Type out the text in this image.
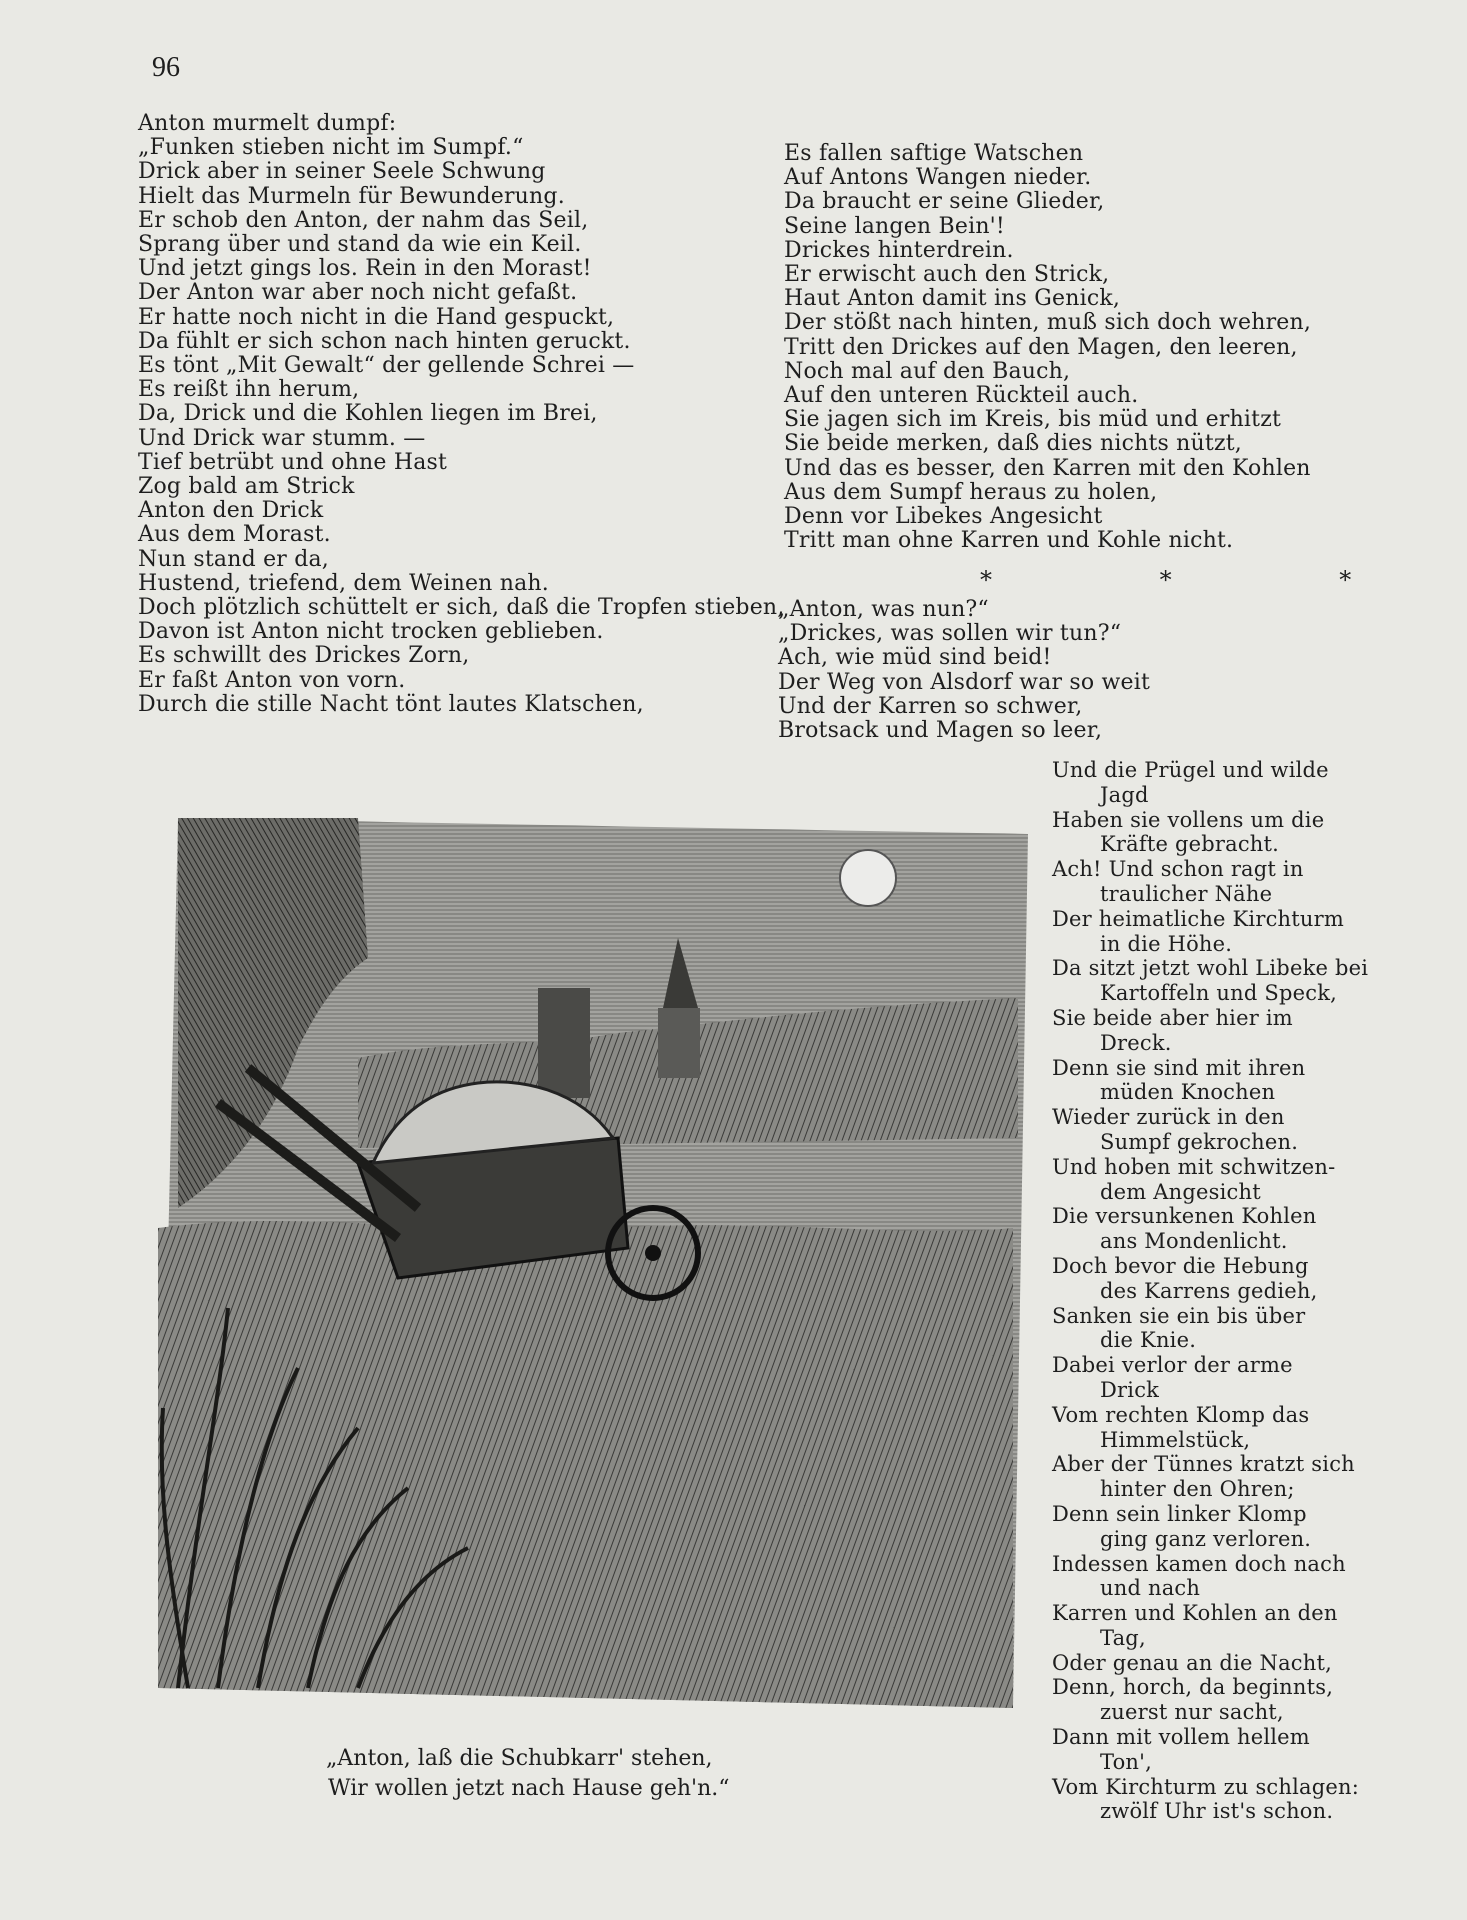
96
Anton murmelt dumpf:
„Funken stieben nicht im Sumpf.“
Drick aber in seiner Seele Schwung
Hielt das Murmeln für Bewunderung.
Er schob den Anton, der nahm das Seil,
Sprang über und stand da wie ein Keil.
Und jetzt gings los. Rein in den Morast!
Der Anton war aber noch nicht gefaßt.
Er hatte noch nicht in die Hand gespuckt,
Da fühlt er sich schon nach hinten geruckt.
Es tönt „Mit Gewalt“ der gellende Schrei —
Es reißt ihn herum,
Da, Drick und die Kohlen liegen im Brei,
Und Drick war stumm. —
Tief betrübt und ohne Hast
Zog bald am Strick
Anton den Drick
Aus dem Morast.
Nun stand er da,
Hustend, triefend, dem Weinen nah.
Doch plötzlich schüttelt er sich, daß die Tropfen stieben,
Davon ist Anton nicht trocken geblieben.
Es schwillt des Drickes Zorn,
Er faßt Anton von vorn.
Durch die stille Nacht tönt lautes Klatschen,
Es fallen saftige Watschen
Auf Antons Wangen nieder.
Da braucht er seine Glieder,
Seine langen Bein'!
Drickes hinterdrein.
Er erwischt auch den Strick,
Haut Anton damit ins Genick,
Der stößt nach hinten, muß sich doch wehren,
Tritt den Drickes auf den Magen, den leeren,
Noch mal auf den Bauch,
Auf den unteren Rückteil auch.
Sie jagen sich im Kreis, bis müd und erhitzt
Sie beide merken, daß dies nichts nützt,
Und das es besser, den Karren mit den Kohlen
Aus dem Sumpf heraus zu holen,
Denn vor Libekes Angesicht
Tritt man ohne Karren und Kohle nicht.
* * *
„Anton, was nun?“
„Drickes, was sollen wir tun?“
Ach, wie müd sind beid!
Der Weg von Alsdorf war so weit
Und der Karren so schwer,
Brotsack und Magen so leer,
Und die Prügel und wilde
Jagd
Haben sie vollens um die
Kräfte gebracht.
Ach! Und schon ragt in
traulicher Nähe
Der heimatliche Kirchturm
in die Höhe.
Da sitzt jetzt wohl Libeke bei
Kartoffeln und Speck,
Sie beide aber hier im
Dreck.
Denn sie sind mit ihren
müden Knochen
Wieder zurück in den
Sumpf gekrochen.
Und hoben mit schwitzen-
dem Angesicht
Die versunkenen Kohlen
ans Mondenlicht.
Doch bevor die Hebung
des Karrens gedieh,
Sanken sie ein bis über
die Knie.
Dabei verlor der arme
Drick
Vom rechten Klomp das
Himmelstück,
Aber der Tünnes kratzt sich
hinter den Ohren;
Denn sein linker Klomp
ging ganz verloren.
Indessen kamen doch nach
und nach
Karren und Kohlen an den
Tag,
Oder genau an die Nacht,
Denn, horch, da beginnts,
zuerst nur sacht,
Dann mit vollem hellem
Ton',
Vom Kirchturm zu schlagen:
zwölf Uhr ist's schon.
„Anton, laß die Schubkarr' stehen,
Wir wollen jetzt nach Hause geh'n.“
